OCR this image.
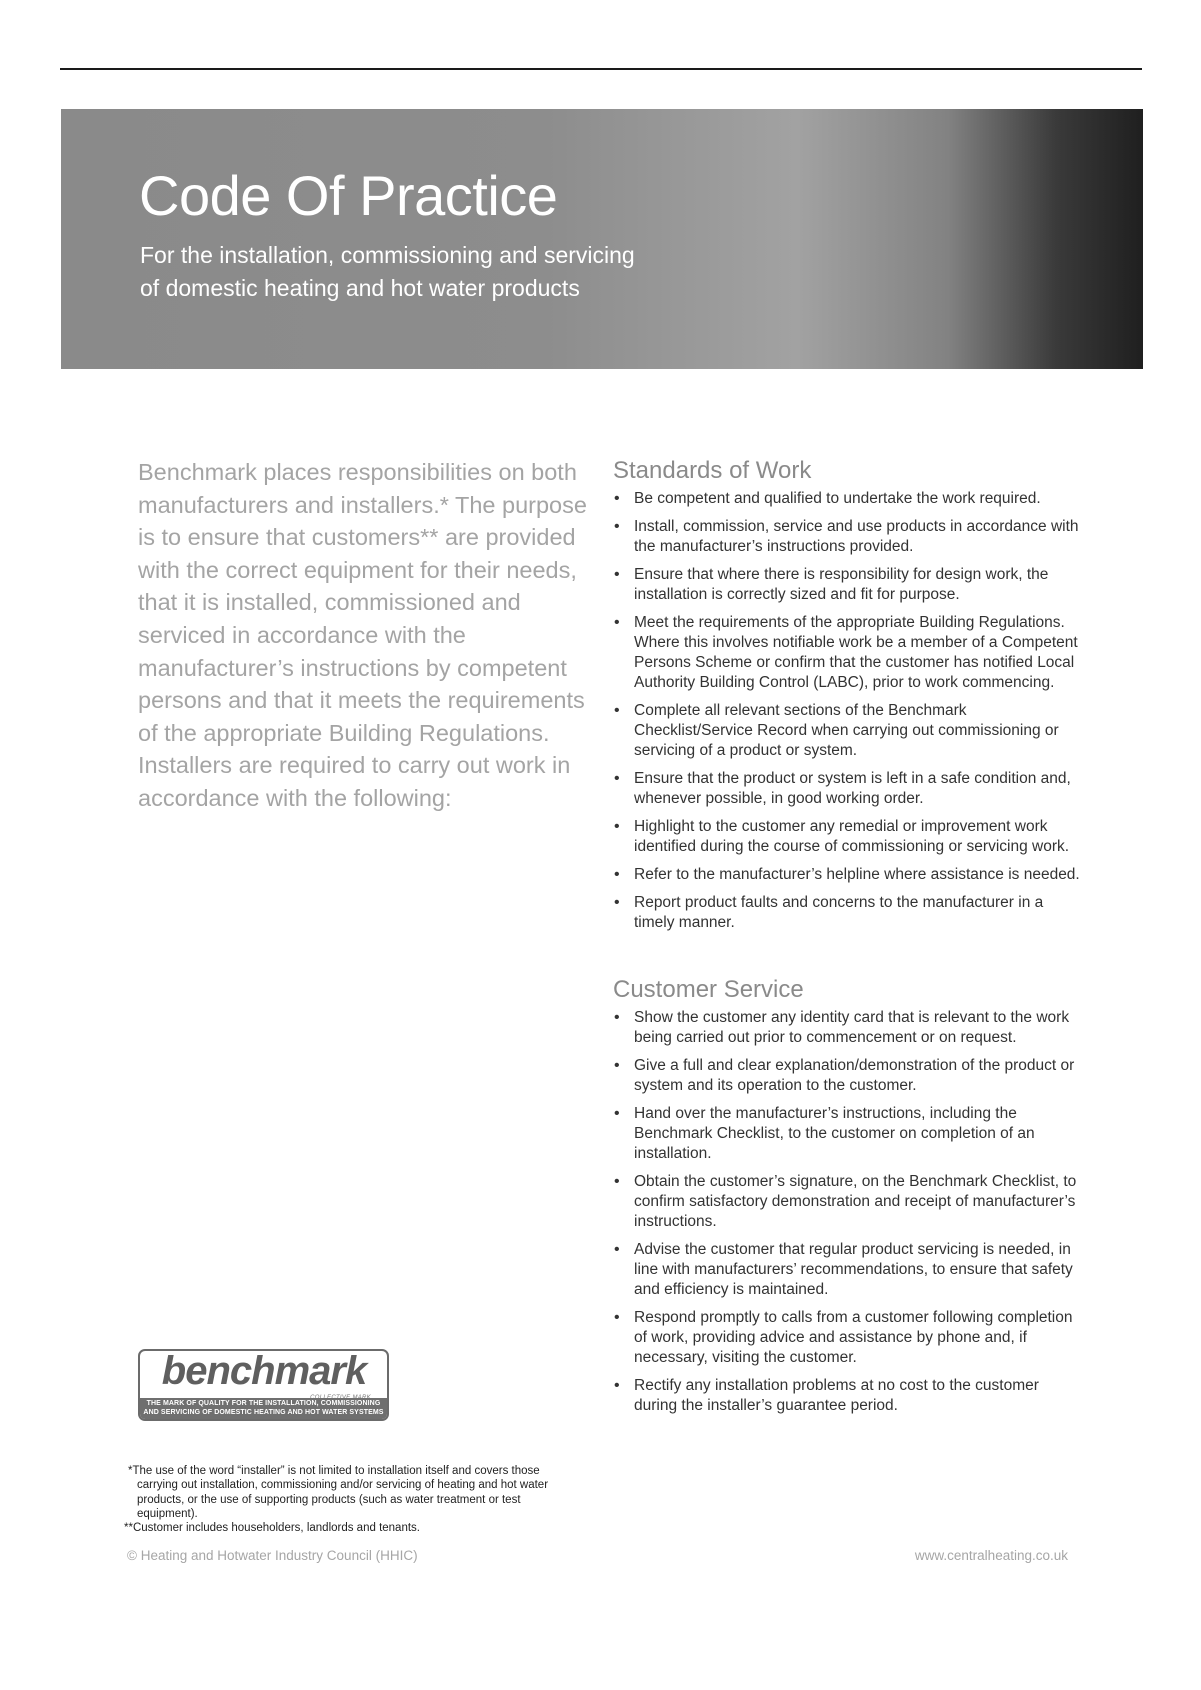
Code Of Practice
For the installation, commissioning and servicing
of domestic heating and hot water products
Benchmark places responsibilities on both manufacturers and installers.* The purpose is to ensure that customers** are provided with the correct equipment for their needs, that it is installed, commissioned and serviced in accordance with the manufacturer’s instructions by competent persons and that it meets the requirements of the appropriate Building Regulations. Installers are required to carry out work in accordance with the following:
Standards of Work
• Be competent and qualified to undertake the work required.
• Install, commission, service and use products in accordance with the manufacturer’s instructions provided.
• Ensure that where there is responsibility for design work, the installation is correctly sized and fit for purpose.
• Meet the requirements of the appropriate Building Regulations. Where this involves notifiable work be a member of a Competent Persons Scheme or confirm that the customer has notified Local Authority Building Control (LABC), prior to work commencing.
• Complete all relevant sections of the Benchmark Checklist/Service Record when carrying out commissioning or servicing of a product or system.
• Ensure that the product or system is left in a safe condition and, whenever possible, in good working order.
• Highlight to the customer any remedial or improvement work identified during the course of commissioning or servicing work.
• Refer to the manufacturer’s helpline where assistance is needed.
• Report product faults and concerns to the manufacturer in a timely manner.
Customer Service
• Show the customer any identity card that is relevant to the work being carried out prior to commencement or on request.
• Give a full and clear explanation/demonstration of the product or system and its operation to the customer.
• Hand over the manufacturer’s instructions, including the Benchmark Checklist, to the customer on completion of an installation.
• Obtain the customer’s signature, on the Benchmark Checklist, to confirm satisfactory demonstration and receipt of manufacturer’s instructions.
• Advise the customer that regular product servicing is needed, in line with manufacturers’ recommendations, to ensure that safety and efficiency is maintained.
• Respond promptly to calls from a customer following completion of work, providing advice and assistance by phone and, if necessary, visiting the customer.
• Rectify any installation problems at no cost to the customer during the installer’s guarantee period.
benchmark
THE MARK OF QUALITY FOR THE INSTALLATION, COMMISSIONING
AND SERVICING OF DOMESTIC HEATING AND HOT WATER SYSTEMS

*The use of the word “installer” is not limited to installation itself and covers those carrying out installation, commissioning and/or servicing of heating and hot water products, or the use of supporting products (such as water treatment or test equipment).

**Customer includes householders, landlords and tenants.

© Heating and Hotwater Industry Council (HHIC)	www.centralheating.co.uk
